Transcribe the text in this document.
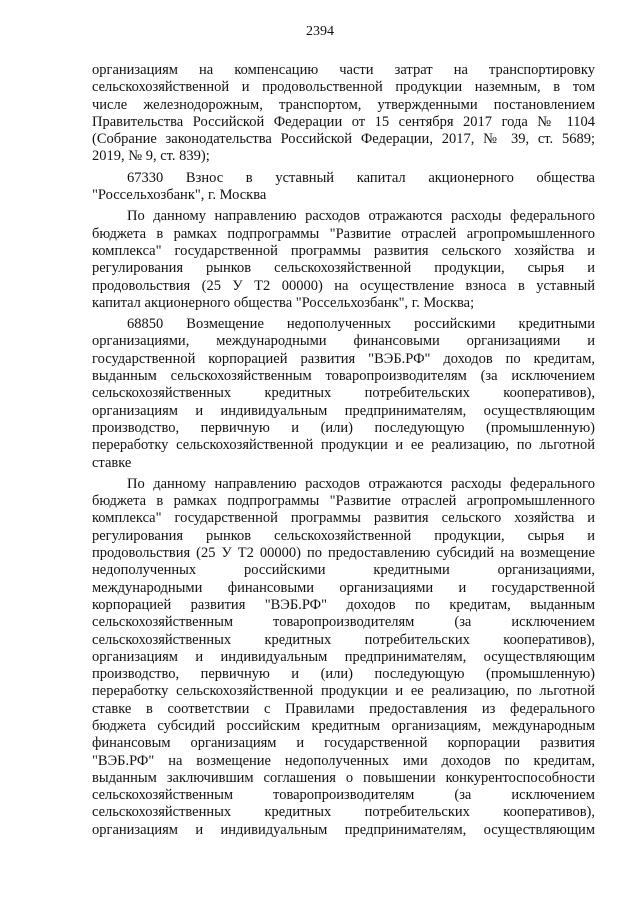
2394
организациям на компенсацию части затрат на транспортировку
сельскохозяйственной и продовольственной продукции наземным, в том
числе железнодорожным, транспортом, утвержденными постановлением
Правительства Российской Федерации от 15 сентября 2017 года № 1104
(Собрание законодательства Российской Федерации, 2017, № 39, ст. 5689;
2019, № 9, ст. 839);
67330 Взнос в уставный капитал акционерного общества
"Россельхозбанк", г. Москва
По данному направлению расходов отражаются расходы федерального
бюджета в рамках подпрограммы "Развитие отраслей агропромышленного
комплекса" государственной программы развития сельского хозяйства и
регулирования рынков сельскохозяйственной продукции, сырья и
продовольствия (25 У Т2 00000) на осуществление взноса в уставный
капитал акционерного общества "Россельхозбанк", г. Москва;
68850 Возмещение недополученных российскими кредитными
организациями, международными финансовыми организациями и
государственной корпорацией развития "ВЭБ.РФ" доходов по кредитам,
выданным сельскохозяйственным товаропроизводителям (за исключением
сельскохозяйственных кредитных потребительских кооперативов),
организациям и индивидуальным предпринимателям, осуществляющим
производство, первичную и (или) последующую (промышленную)
переработку сельскохозяйственной продукции и ее реализацию, по льготной
ставке
По данному направлению расходов отражаются расходы федерального
бюджета в рамках подпрограммы "Развитие отраслей агропромышленного
комплекса" государственной программы развития сельского хозяйства и
регулирования рынков сельскохозяйственной продукции, сырья и
продовольствия (25 У Т2 00000) по предоставлению субсидий на возмещение
недополученных российскими кредитными организациями,
международными финансовыми организациями и государственной
корпорацией развития "ВЭБ.РФ" доходов по кредитам, выданным
сельскохозяйственным товаропроизводителям (за исключением
сельскохозяйственных кредитных потребительских кооперативов),
организациям и индивидуальным предпринимателям, осуществляющим
производство, первичную и (или) последующую (промышленную)
переработку сельскохозяйственной продукции и ее реализацию, по льготной
ставке в соответствии с Правилами предоставления из федерального
бюджета субсидий российским кредитным организациям, международным
финансовым организациям и государственной корпорации развития
"ВЭБ.РФ" на возмещение недополученных ими доходов по кредитам,
выданным заключившим соглашения о повышении конкурентоспособности
сельскохозяйственным товаропроизводителям (за исключением
сельскохозяйственных кредитных потребительских кооперативов),
организациям и индивидуальным предпринимателям, осуществляющим
